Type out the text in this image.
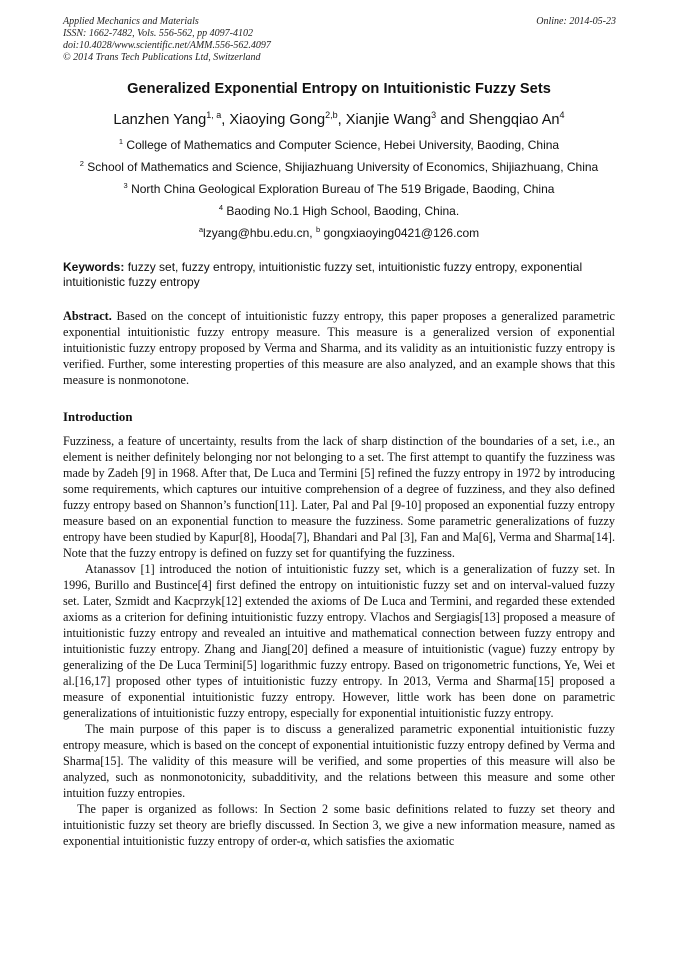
Applied Mechanics and Materials
ISSN: 1662-7482, Vols. 556-562, pp 4097-4102
doi:10.4028/www.scientific.net/AMM.556-562.4097
© 2014 Trans Tech Publications Ltd, Switzerland
Online: 2014-05-23
Generalized Exponential Entropy on Intuitionistic Fuzzy Sets
Lanzhen Yang$^{1, a}$, Xiaoying Gong$^{2,b}$, Xianjie Wang$^3$ and Shengqiao An$^4$
$^1$ College of Mathematics and Computer Science, Hebei University, Baoding, China
$^2$ School of Mathematics and Science, Shijiazhuang University of Economics, Shijiazhuang, China
$^3$ North China Geological Exploration Bureau of The 519 Brigade, Baoding, China
$^4$ Baoding No.1 High School, Baoding, China.
$^a$lzyang@hbu.edu.cn, $^b$ gongxiaoying0421@126.com
Keywords: fuzzy set, fuzzy entropy, intuitionistic fuzzy set, intuitionistic fuzzy entropy, exponential intuitionistic fuzzy entropy
Abstract. Based on the concept of intuitionistic fuzzy entropy, this paper proposes a generalized parametric exponential intuitionistic fuzzy entropy measure. This measure is a generalized version of exponential intuitionistic fuzzy entropy proposed by Verma and Sharma, and its validity as an intuitionistic fuzzy entropy is verified. Further, some interesting properties of this measure are also analyzed, and an example shows that this measure is nonmonotone.
Introduction

Fuzziness, a feature of uncertainty, results from the lack of sharp distinction of the boundaries of a set, i.e., an element is neither definitely belonging nor not belonging to a set. The first attempt to quantify the fuzziness was made by Zadeh [9] in 1968. After that, De Luca and Termini [5] refined the fuzzy entropy in 1972 by introducing some requirements, which captures our intuitive comprehension of a degree of fuzziness, and they also defined fuzzy entropy based on Shannon’s function[11]. Later, Pal and Pal [9-10] proposed an exponential fuzzy entropy measure based on an exponential function to measure the fuzziness. Some parametric generalizations of fuzzy entropy have been studied by Kapur[8], Hooda[7], Bhandari and Pal [3], Fan and Ma[6], Verma and Sharma[14]. Note that the fuzzy entropy is defined on fuzzy set for quantifying the fuzziness.

Atanassov [1] introduced the notion of intuitionistic fuzzy set, which is a generalization of fuzzy set. In 1996, Burillo and Bustince[4] first defined the entropy on intuitionistic fuzzy set and on interval-valued fuzzy set. Later, Szmidt and Kacprzyk[12] extended the axioms of De Luca and Termini, and regarded these extended axioms as a criterion for defining intuitionistic fuzzy entropy. Vlachos and Sergiagis[13] proposed a measure of intuitionistic fuzzy entropy and revealed an intuitive and mathematical connection between fuzzy entropy and intuitionistic fuzzy entropy. Zhang and Jiang[20] defined a measure of intuitionistic (vague) fuzzy entropy by generalizing of the De Luca Termini[5] logarithmic fuzzy entropy. Based on trigonometric functions, Ye, Wei et al.[16,17] proposed other types of intuitionistic fuzzy entropy. In 2013, Verma and Sharma[15] proposed a measure of exponential intuitionistic fuzzy entropy. However, little work has been done on parametric generalizations of intuitionistic fuzzy entropy, especially for exponential intuitionistic fuzzy entropy.

The main purpose of this paper is to discuss a generalized parametric exponential intuitionistic fuzzy entropy measure, which is based on the concept of exponential intuitionistic fuzzy entropy defined by Verma and Sharma[15]. The validity of this measure will be verified, and some properties of this measure will also be analyzed, such as nonmonotonicity, subadditivity, and the relations between this measure and some other intuition fuzzy entropies.

The paper is organized as follows: In Section 2 some basic definitions related to fuzzy set theory and intuitionistic fuzzy set theory are briefly discussed. In Section 3, we give a new information measure, named as exponential intuitionistic fuzzy entropy of order-α, which satisfies the axiomatic
